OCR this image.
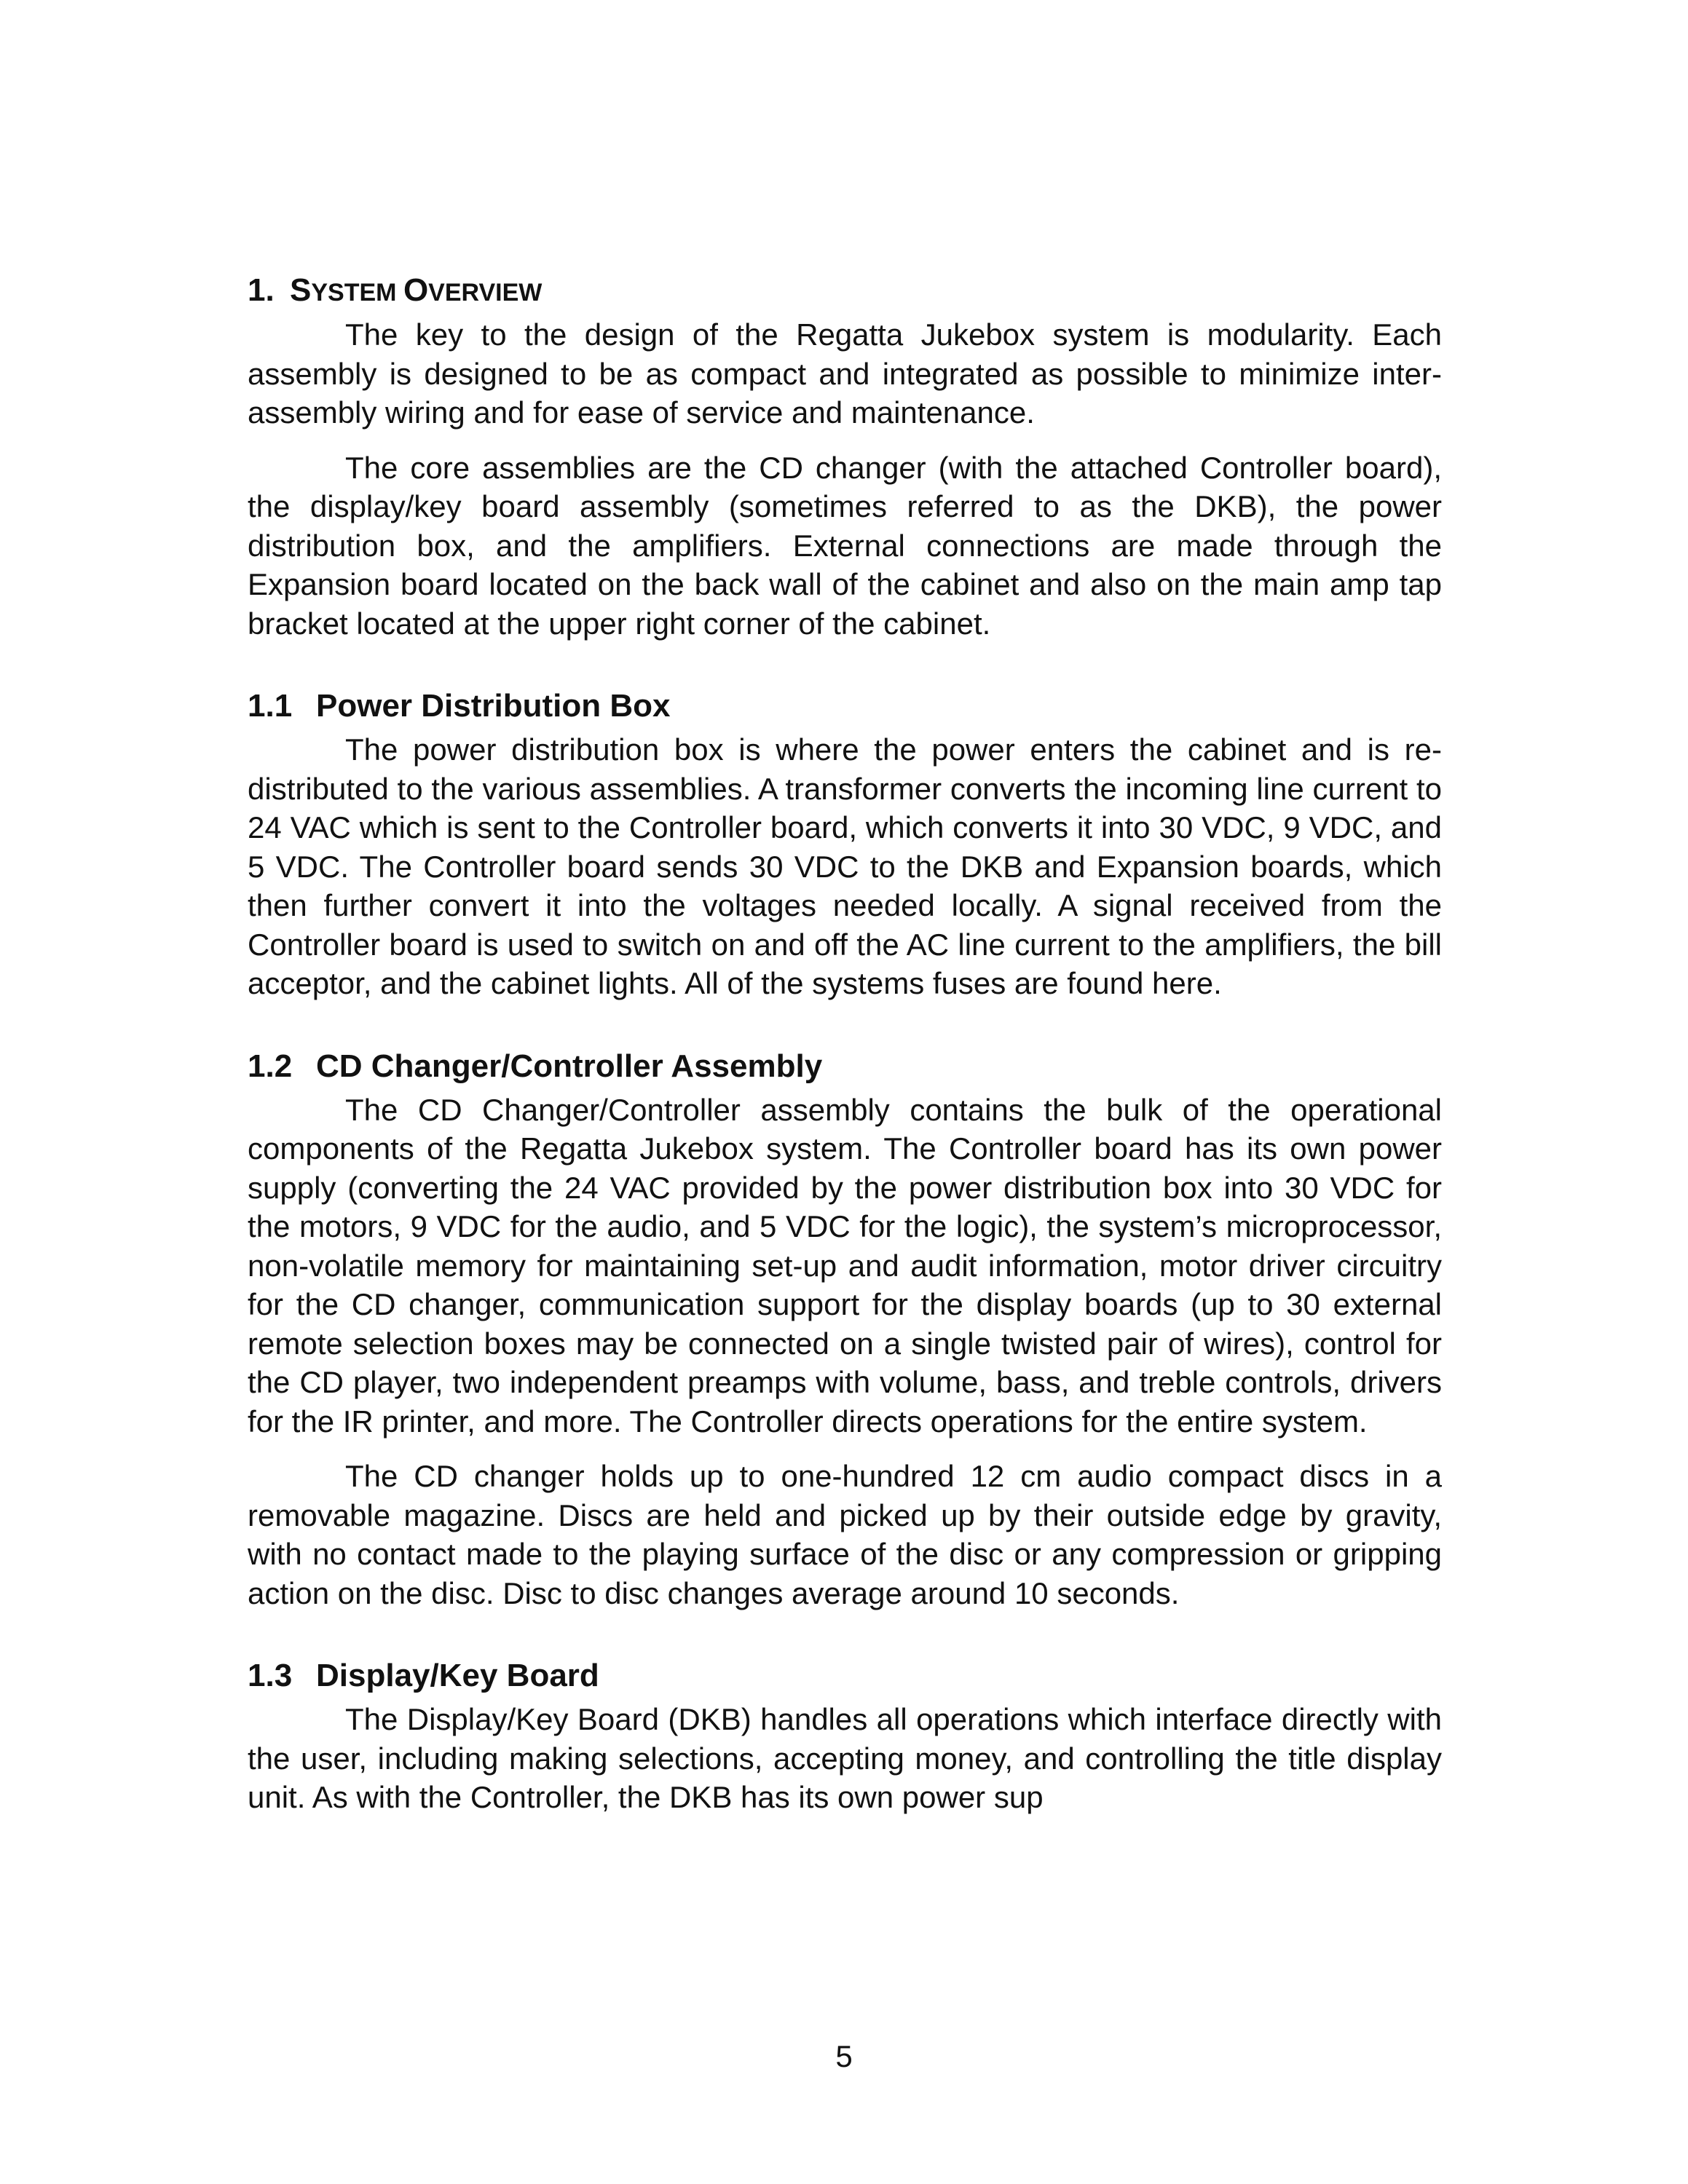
1. SYSTEM OVERVIEW

The key to the design of the Regatta Jukebox system is modularity. Each assembly is designed to be as compact and integrated as possible to minimize inter-assembly wiring and for ease of service and maintenance.

The core assemblies are the CD changer (with the attached Controller board), the display/key board assembly (sometimes referred to as the DKB), the power distribution box, and the amplifiers. External connections are made through the Expansion board located on the back wall of the cabinet and also on the main amp tap bracket located at the upper right corner of the cabinet.

1.1 Power Distribution Box

The power distribution box is where the power enters the cabinet and is re-distributed to the various assemblies. A transformer converts the incoming line current to 24 VAC which is sent to the Controller board, which converts it into 30 VDC, 9 VDC, and 5 VDC. The Controller board sends 30 VDC to the DKB and Expansion boards, which then further convert it into the voltages needed locally. A signal received from the Controller board is used to switch on and off the AC line current to the amplifiers, the bill acceptor, and the cabinet lights. All of the systems fuses are found here.

1.2 CD Changer/Controller Assembly

The CD Changer/Controller assembly contains the bulk of the operational components of the Regatta Jukebox system. The Controller board has its own power supply (converting the 24 VAC provided by the power distribution box into 30 VDC for the motors, 9 VDC for the audio, and 5 VDC for the logic), the system’s microprocessor, non-volatile memory for maintaining set-up and audit information, motor driver circuitry for the CD changer, communication support for the display boards (up to 30 external remote selection boxes may be connected on a single twisted pair of wires), control for the CD player, two independent preamps with volume, bass, and treble controls, drivers for the IR printer, and more. The Controller directs operations for the entire system.

The CD changer holds up to one-hundred 12 cm audio compact discs in a removable magazine. Discs are held and picked up by their outside edge by gravity, with no contact made to the playing surface of the disc or any compression or gripping action on the disc. Disc to disc changes average around 10 seconds.

1.3 Display/Key Board

The Display/Key Board (DKB) handles all operations which interface directly with the user, including making selections, accepting money, and controlling the title display unit. As with the Controller, the DKB has its own power sup

5
